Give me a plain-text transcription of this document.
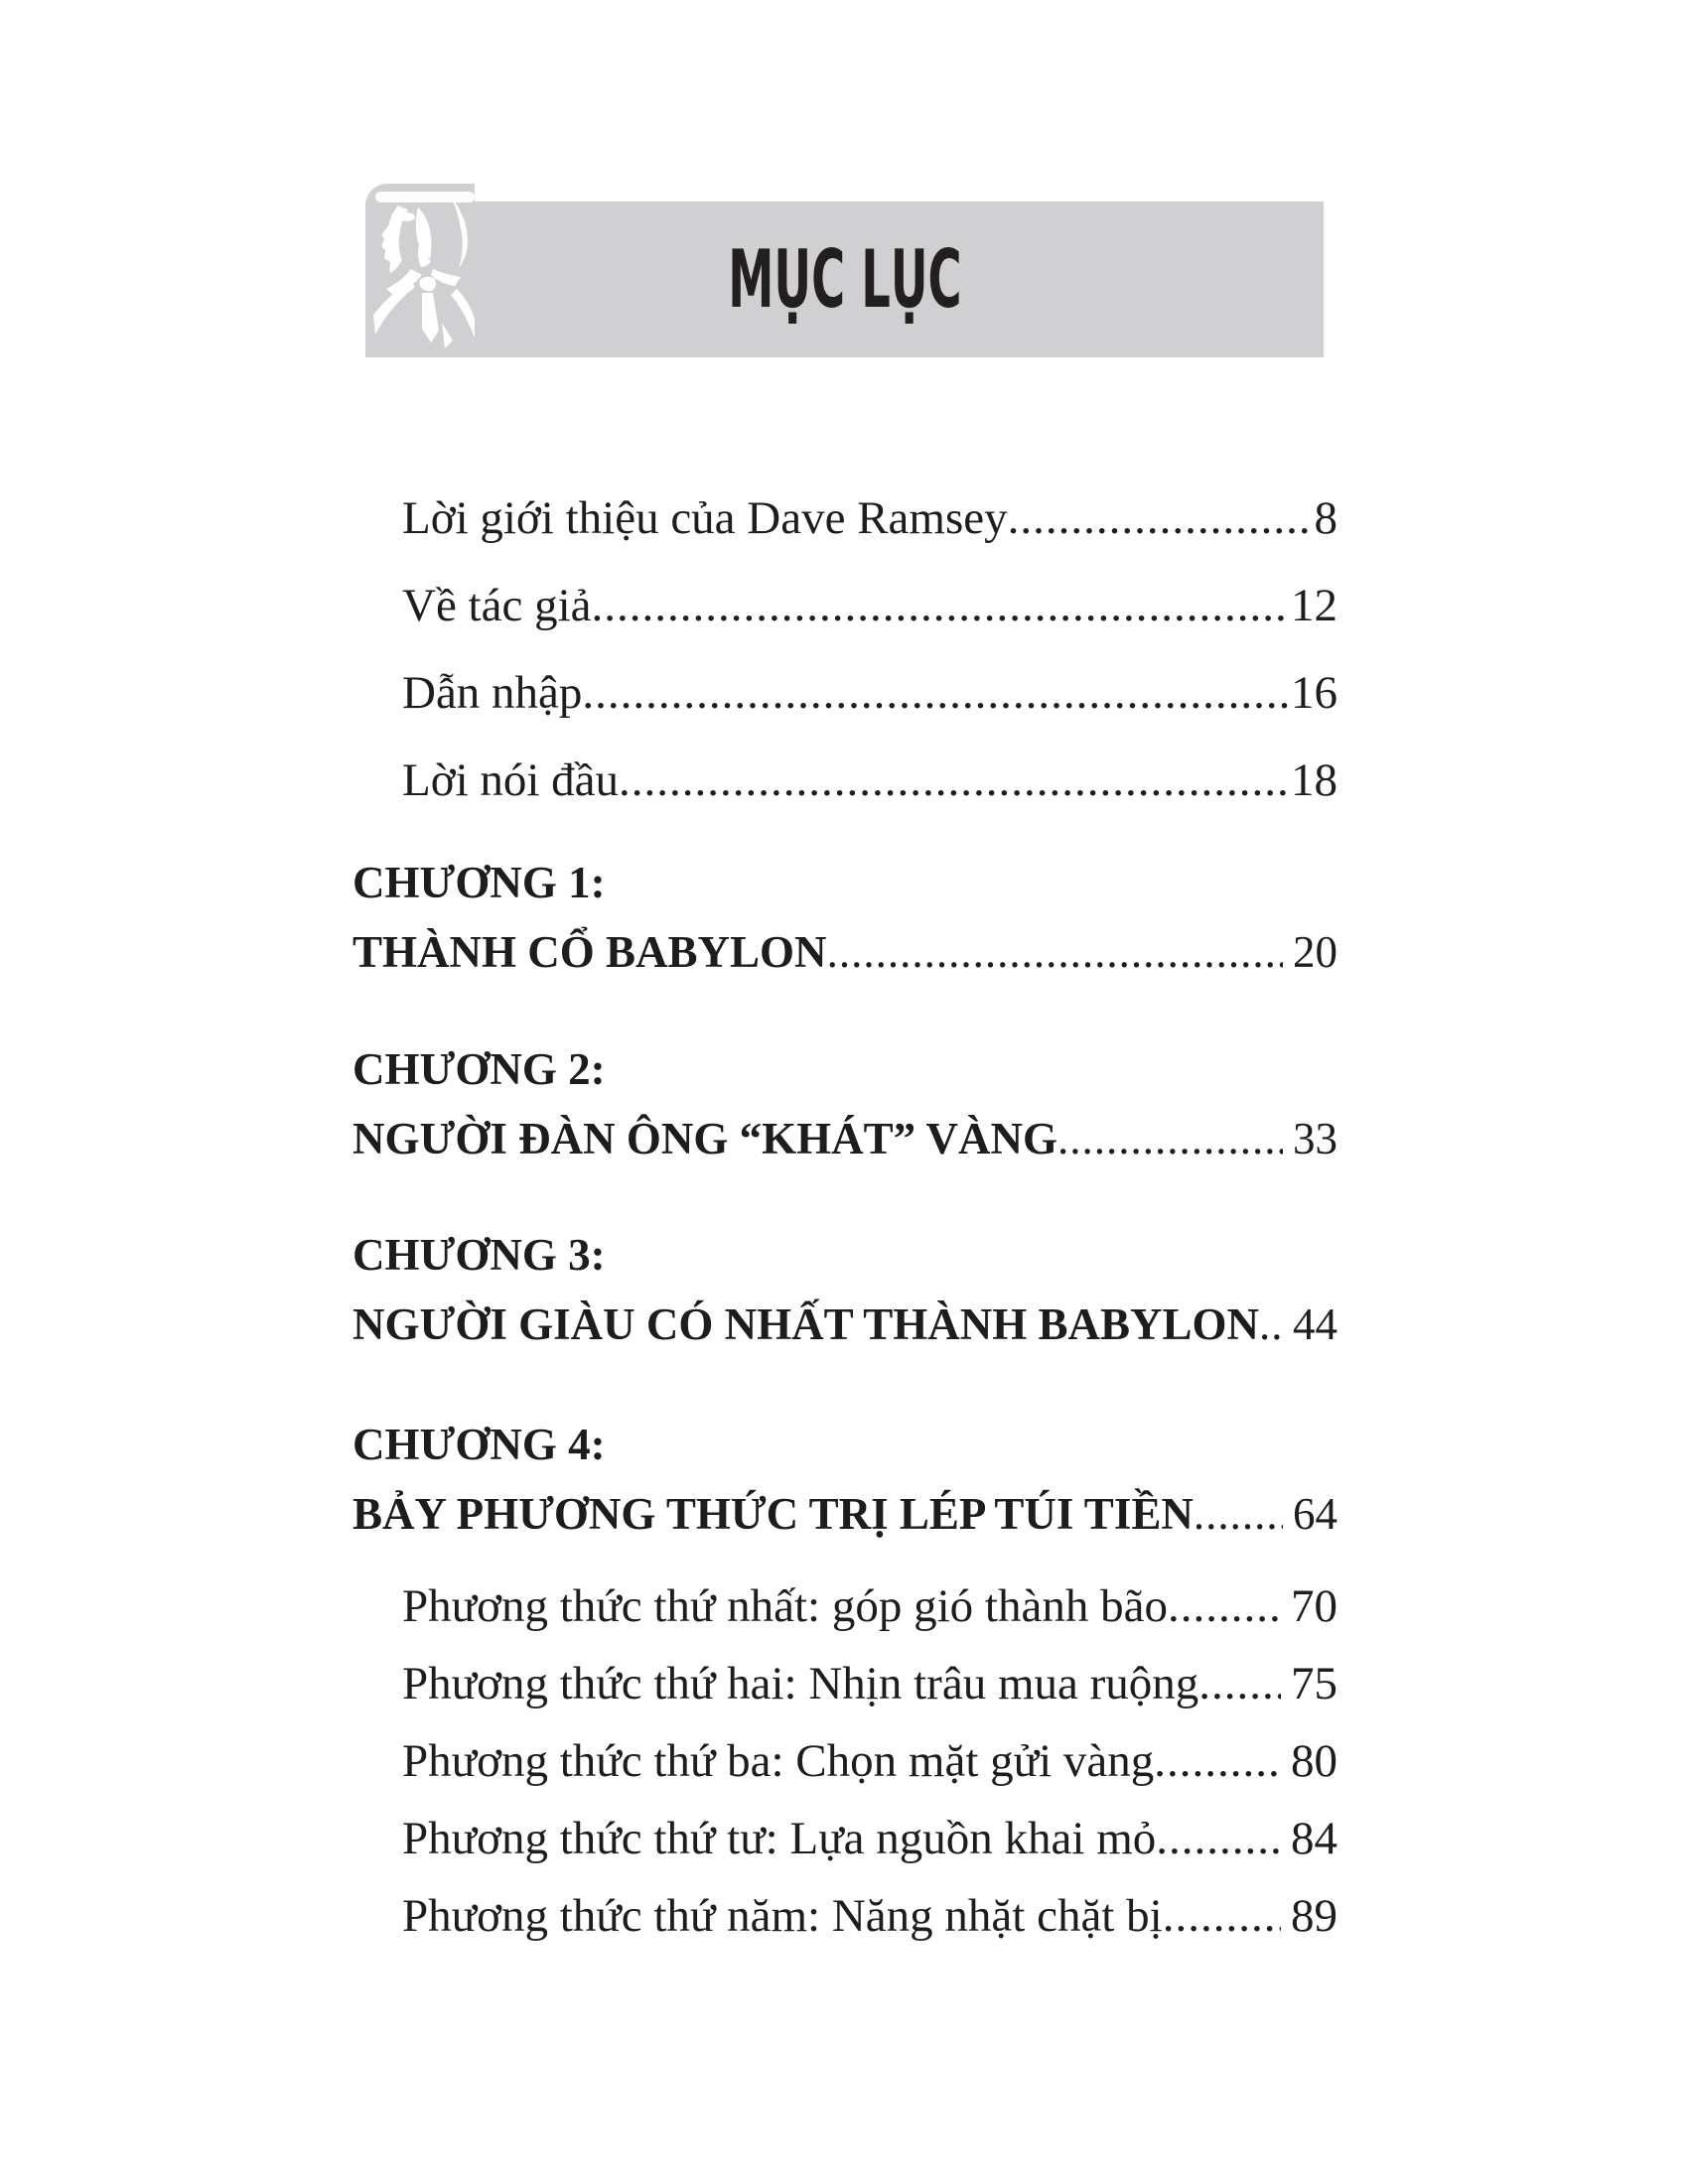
MỤC LỤC
Lời giới thiệu của Dave Ramsey .....	8
Về tác giả .....	12
Dẫn nhập .....	16
Lời nói đầu .....	18
CHƯƠNG 1:
THÀNH CỔ BABYLON .....	20
CHƯƠNG 2:
NGƯỜI ĐÀN ÔNG “KHÁT” VÀNG .....	33
CHƯƠNG 3:
NGƯỜI GIÀU CÓ NHẤT THÀNH BABYLON ..... 44
CHƯƠNG 4:
BẢY PHƯƠNG THỨC TRỊ LÉP TÚI TIỀN ..... 64
Phương thức thứ nhất: góp gió thành bão .....	70
Phương thức thứ hai: Nhịn trâu mua ruộng ..... 75
Phương thức thứ ba: Chọn mặt gửi vàng .....	80
Phương thức thứ tư: Lựa nguồn khai mỏ .....	84
Phương thức thứ năm: Năng nhặt chặt bị .....	89
